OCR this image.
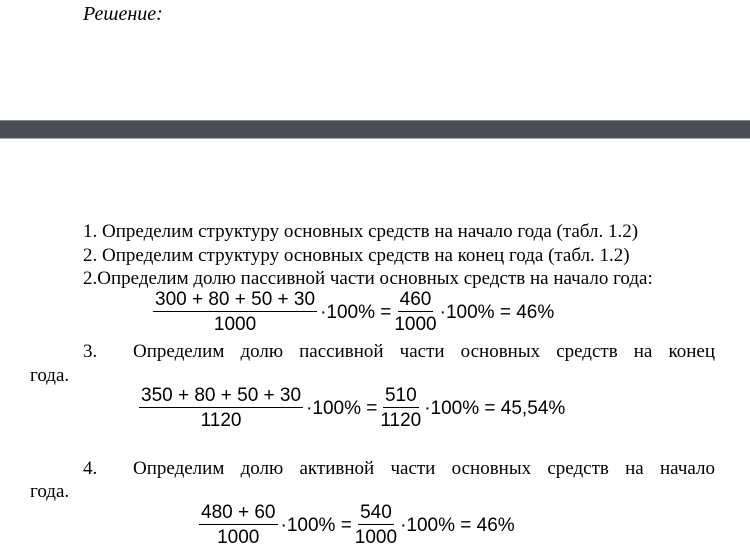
Решение:
1. Определим структуру основных средств на начало года (табл. 1.2)
2. Определим структуру основных средств на конец года (табл. 1.2)
2.Определим долю пассивной части основных средств на начало года:
$\frac{300 + 80 + 50 + 30}{1000} \cdot 100\% = \frac{460}{1000} \cdot 100\% = 46\%$
3. Определим долю пассивной части основных средств на конец
года.
$\frac{350 + 80 + 50 + 30}{1120} \cdot 100\% = \frac{510}{1120} \cdot 100\% = 45,54\%$
4. Определим долю активной части основных средств на начало
года.
$\frac{480 + 60}{1000} \cdot 100\% = \frac{540}{1000} \cdot 100\% = 46\%$
